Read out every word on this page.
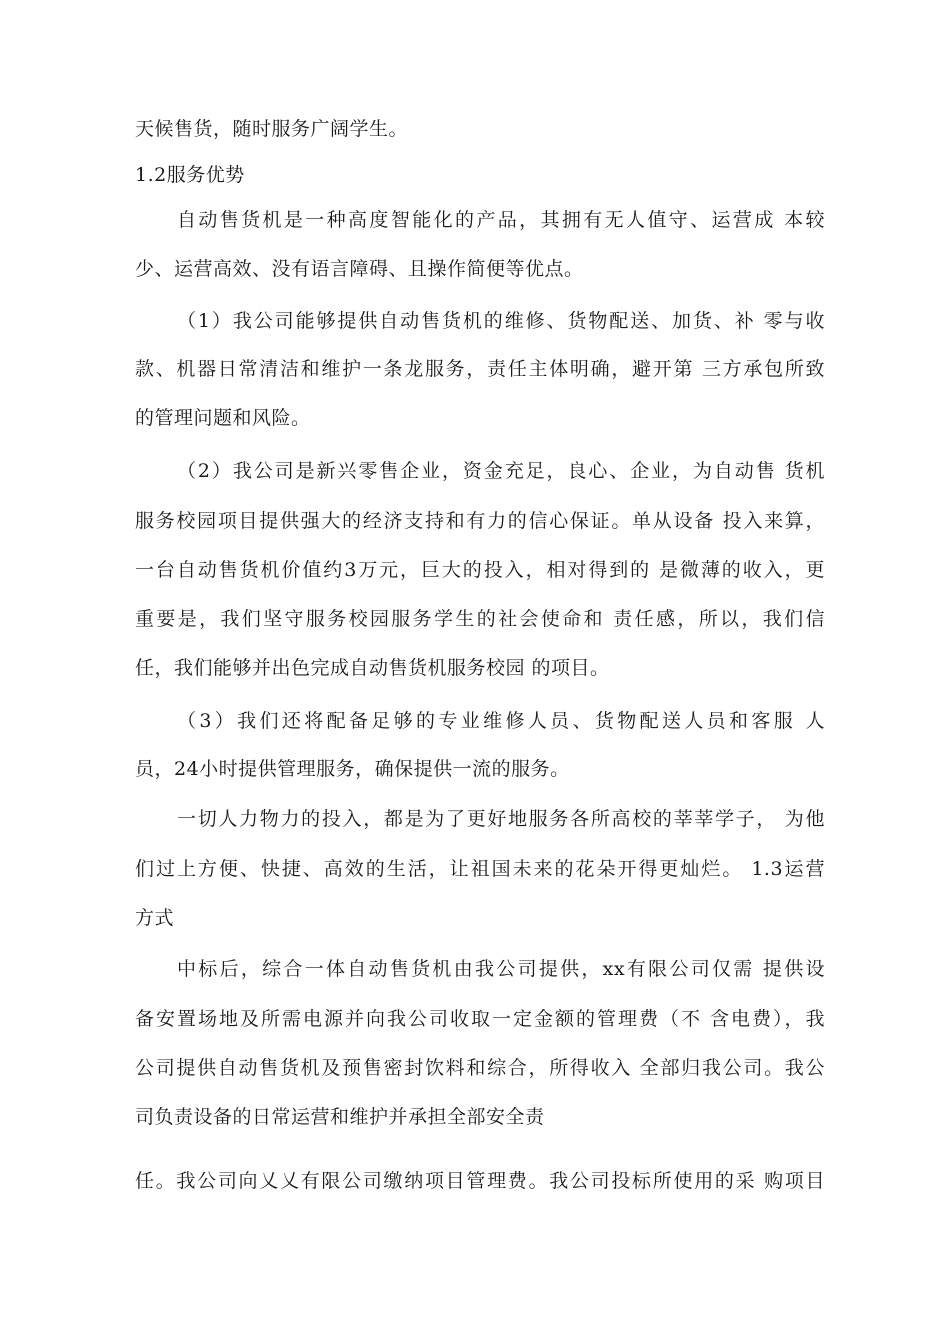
天候售货，随时服务广阔学生。
1.2服务优势
自动售货机是一种高度智能化的产品，其拥有无人值守、运营成 本较
少、运营高效、没有语言障碍、且操作简便等优点。
（1）我公司能够提供自动售货机的维修、货物配送、加货、补 零与收
款、机器日常清洁和维护一条龙服务，责任主体明确，避开第 三方承包所致
的管理问题和风险。
（2）我公司是新兴零售企业，资金充足，良心、企业，为自动售 货机
服务校园项目提供强大的经济支持和有力的信心保证。单从设备 投入来算，
一台自动售货机价值约3万元，巨大的投入，相对得到的 是微薄的收入，更
重要是，我们坚守服务校园服务学生的社会使命和 责任感，所以，我们信
任，我们能够并出色完成自动售货机服务校园 的项目。
（3）我们还将配备足够的专业维修人员、货物配送人员和客服 人
员，24小时提供管理服务，确保提供一流的服务。
一切人力物力的投入，都是为了更好地服务各所高校的莘莘学子， 为他
们过上方便、快捷、高效的生活，让祖国未来的花朵开得更灿烂。 1.3运营
方式
中标后，综合一体自动售货机由我公司提供，xx有限公司仅需 提供设
备安置场地及所需电源并向我公司收取一定金额的管理费（不 含电费），我
公司提供自动售货机及预售密封饮料和综合，所得收入 全部归我公司。我公
司负责设备的日常运营和维护并承担全部安全责
任。我公司向乂乂有限公司缴纳项目管理费。我公司投标所使用的采 购项目
